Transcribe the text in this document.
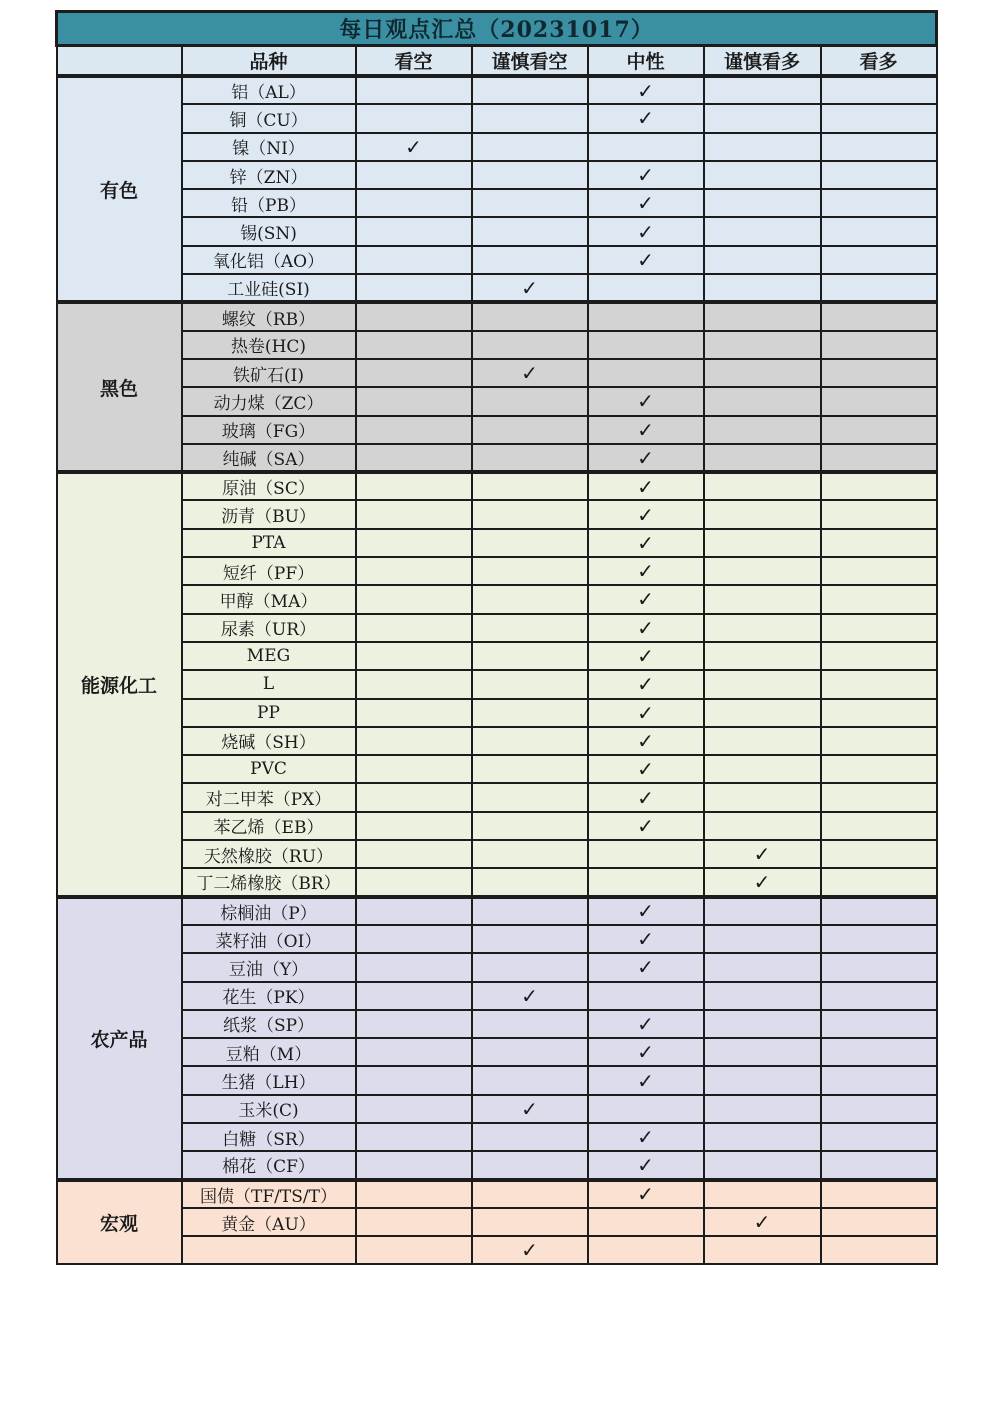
每日观点汇总（20231017）						
	品种	看空	谨慎看空	中性	谨慎看多	看多
有色	铝（AL）			✓		
	铜（CU）			✓		
	镍（NI）	✓				
	锌（ZN）			✓		
	铅（PB）			✓		
	锡(SN)			✓		
	氧化铝（AO）			✓		
	工业硅(SI)		✓			
黑色	螺纹（RB）					
	热卷(HC)					
	铁矿石(I)		✓			
	动力煤（ZC）			✓		
	玻璃（FG）			✓		
	纯碱（SA）			✓		
能源化工	原油（SC）			✓		
	沥青（BU）			✓		
	PTA			✓		
	短纤（PF）			✓		
	甲醇（MA）			✓		
	尿素（UR）			✓		
	MEG			✓		
	L			✓		
	PP			✓		
	烧碱（SH）			✓		
	PVC			✓		
	对二甲苯（PX）			✓		
	苯乙烯（EB）			✓		
	天然橡胶（RU）				✓	
	丁二烯橡胶（BR）				✓	
农产品	棕榈油（P）			✓		
	菜籽油（OI）			✓		
	豆油（Y）			✓		
	花生（PK）		✓			
	纸浆（SP）			✓		
	豆粕（M）			✓		
	生猪（LH）			✓		
	玉米(C)		✓			
	白糖（SR）			✓		
	棉花（CF）			✓		
宏观	国债（TF/TS/T）			✓		
	黄金（AU）				✓	
			✓			
